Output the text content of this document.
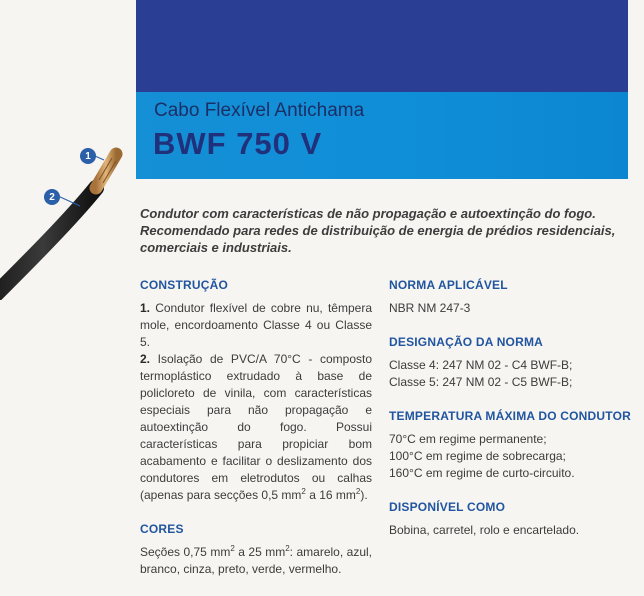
Cabo Flexível Antichama
BWF 750 V
1
2

Condutor com características de não propagação e autoextinção do fogo.

Recomendado para redes de distribuição de energia de prédios residenciais, comerciais e industriais.

CONSTRUÇÃO

1. Condutor flexível de cobre nu, têmpera mole, encordoamento Classe 4 ou Classe 5.

2. Isolação de PVC/A 70°C - composto termoplástico extrudado à base de policloreto de vinila, com características especiais para não propagação e autoextinção do fogo. Possui características para propiciar bom acabamento e facilitar o deslizamento dos condutores em eletrodutos ou calhas (apenas para secções 0,5 $mm^2$ a 16 $mm^2$).

CORES

Seções 0,75 $mm^2$ a 25 $mm^2$: amarelo, azul, branco, cinza, preto, verde, vermelho.

NORMA APLICÁVEL

NBR NM 247-3

DESIGNAÇÃO DA NORMA

Classe 4: 247 NM 02 - C4 BWF-B;

Classe 5: 247 NM 02 - C5 BWF-B;

TEMPERATURA MÁXIMA DO CONDUTOR

70°C em regime permanente;

100°C em regime de sobrecarga;

160°C em regime de curto-circuito.

DISPONÍVEL COMO

Bobina, carretel, rolo e encartelado.
